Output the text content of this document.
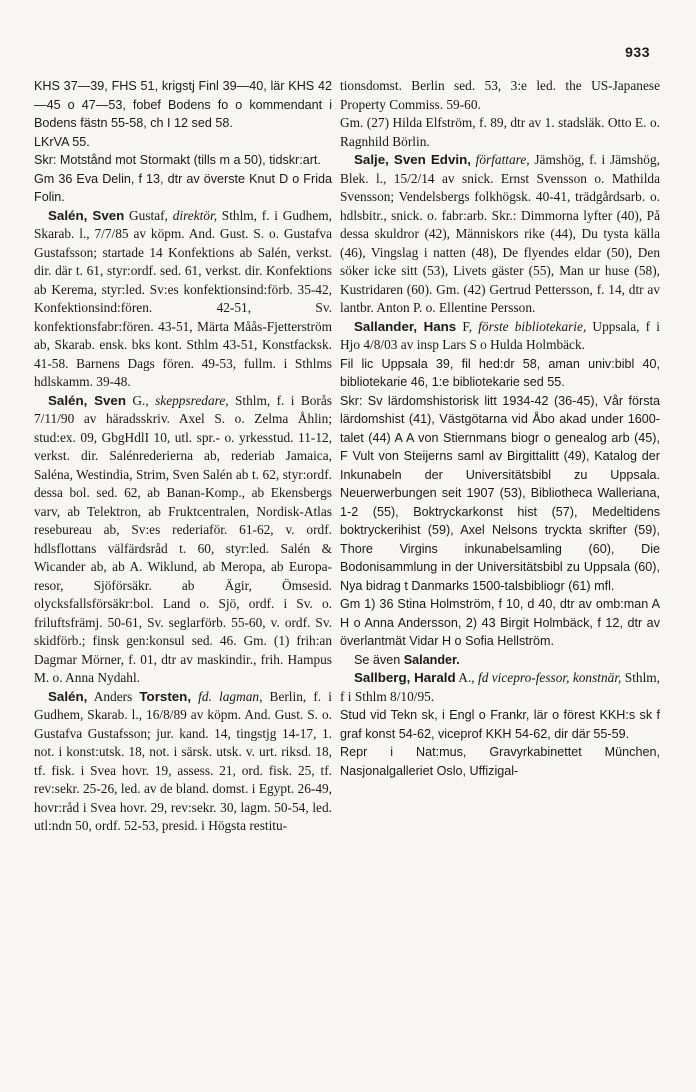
933

KHS 37—39, FHS 51, krigstj Finl 39—40, lär KHS 42—45 o 47—53, fobef Bodens fo o kommendant i Bodens fästn 55-58, ch I 12 sed 58.

LKrVA 55.

Skr: Motstånd mot Stormakt (tills m a 50), tidskr:art.

Gm 36 Eva Delin, f 13, dtr av överste Knut D o Frida Folin.

Salén, Sven Gustaf, direktör, Sthlm, f. i Gudhem, Skarab. l., 7/7/85 av köpm. And. Gust. S. o. Gustafva Gustafsson; startade 14 Konfektions ab Salén, verkst. dir. där t. 61, styr:ordf. sed. 61, verkst. dir. Konfektions ab Kerema, styr:led. Sv:es konfektionsind:förb. 35-42, Konfektionsind:fören. 42-51, Sv. konfektionsfabr:fören. 43-51, Märta Måås-Fjetterström ab, Skarab. ensk. bks kont. Sthlm 43-51, Konstfacksk. 41-58. Barnens Dags fören. 49-53, fullm. i Sthlms hdlskamm. 39-48.

Salén, Sven G., skeppsredare, Sthlm, f. i Borås 7/11/90 av häradsskriv. Axel S. o. Zelma Åhlin; stud:ex. 09, GbgHdlI 10, utl. spr.- o. yrkesstud. 11-12, verkst. dir. Salénrederierna ab, rederiab Jamaica, Saléna, Westindia, Strim, Sven Salén ab t. 62, styr:ordf. dessa bol. sed. 62, ab Banan-Komp., ab Ekensbergs varv, ab Telektron, ab Fruktcentralen, Nordisk-Atlas resebureau ab, Sv:es rederiaför. 61-62, v. ordf. hdlsflottans välfärdsråd t. 60, styr:led. Salén & Wicander ab, ab A. Wiklund, ab Meropa, ab Europa-resor, Sjöförsäkr. ab Ägir, Ömsesid. olycksfallsförsäkr:bol. Land o. Sjö, ordf. i Sv. o. friluftsfrämj. 50-61, Sv. seglarförb. 55-60, v. ordf. Sv. skidförb.; finsk gen:konsul sed. 46. Gm. (1) frih:an Dagmar Mörner, f. 01, dtr av maskindir., frih. Hampus M. o. Anna Nydahl.

Salén, Anders Torsten, fd. lagman, Berlin, f. i Gudhem, Skarab. l., 16/8/89 av köpm. And. Gust. S. o. Gustafva Gustafsson; jur. kand. 14, tingstjg 14-17, 1. not. i konst:utsk. 18, not. i särsk. utsk. v. urt. riksd. 18, tf. fisk. i Svea hovr. 19, assess. 21, ord. fisk. 25, tf. rev:sekr. 25-26, led. av de bland. domst. i Egypt. 26-49, hovr:råd i Svea hovr. 29, rev:sekr. 30, lagm. 50-54, led. utl:ndn 50, ordf. 52-53, presid. i Högsta restitu-

tionsdomst. Berlin sed. 53, 3:e led. the US-Japanese Property Commiss. 59-60.

Gm. (27) Hilda Elfström, f. 89, dtr av 1. stadsläk. Otto E. o. Ragnhild Börlin.

Salje, Sven Edvin, författare, Jämshög, f. i Jämshög, Blek. l., 15/2/14 av snick. Ernst Svensson o. Mathilda Svensson; Vendelsbergs folkhögsk. 40-41, trädgårdsarb. o. hdlsbitr., snick. o. fabr:arb. Skr.: Dimmorna lyfter (40), På dessa skuldror (42), Människors rike (44), Du tysta källa (46), Vingslag i natten (48), De flyendes eldar (50), Den söker icke sitt (53), Livets gäster (55), Man ur huse (58), Kustridaren (60). Gm. (42) Gertrud Pettersson, f. 14, dtr av lantbr. Anton P. o. Ellentine Persson.

Sallander, Hans F, förste bibliotekarie, Uppsala, f i Hjo 4/8/03 av insp Lars S o Hulda Holmbäck.

Fil lic Uppsala 39, fil hed:dr 58, aman univ:bibl 40, bibliotekarie 46, 1:e bibliotekarie sed 55.

Skr: Sv lärdomshistorisk litt 1934-42 (36-45), Vår första lärdomshist (41), Västgötarna vid Åbo akad under 1600-talet (44) A A von Stiernmans biogr o genealog arb (45), F Vult von Steijerns saml av Birgittalitt (49), Katalog der Inkunabeln der Universitätsbibl zu Uppsala. Neuerwerbungen seit 1907 (53), Bibliotheca Walleriana, 1-2 (55), Boktryckarkonst hist (57), Medeltidens boktryckerihist (59), Axel Nelsons tryckta skrifter (59), Thore Virgins inkunabelsamling (60), Die Bodonisammlung in der Universitätsbibl zu Uppsala (60), Nya bidrag t Danmarks 1500-talsbibliogr (61) mfl.

Gm 1) 36 Stina Holmström, f 10, d 40, dtr av omb:man A H o Anna Andersson, 2) 43 Birgit Holmbäck, f 12, dtr av överlantmät Vidar H o Sofia Hellström.

Se även Salander.

Sallberg, Harald A., fd vicepro-fessor, konstnär, Sthlm, f i Sthlm 8/10/95.

Stud vid Tekn sk, i Engl o Frankr, lär o förest KKH:s sk f graf konst 54-62, viceprof KKH 54-62, dir där 55-59.

Repr i Nat:mus, Gravyrkabinettet München, Nasjonalgalleriet Oslo, Uffizigal-
